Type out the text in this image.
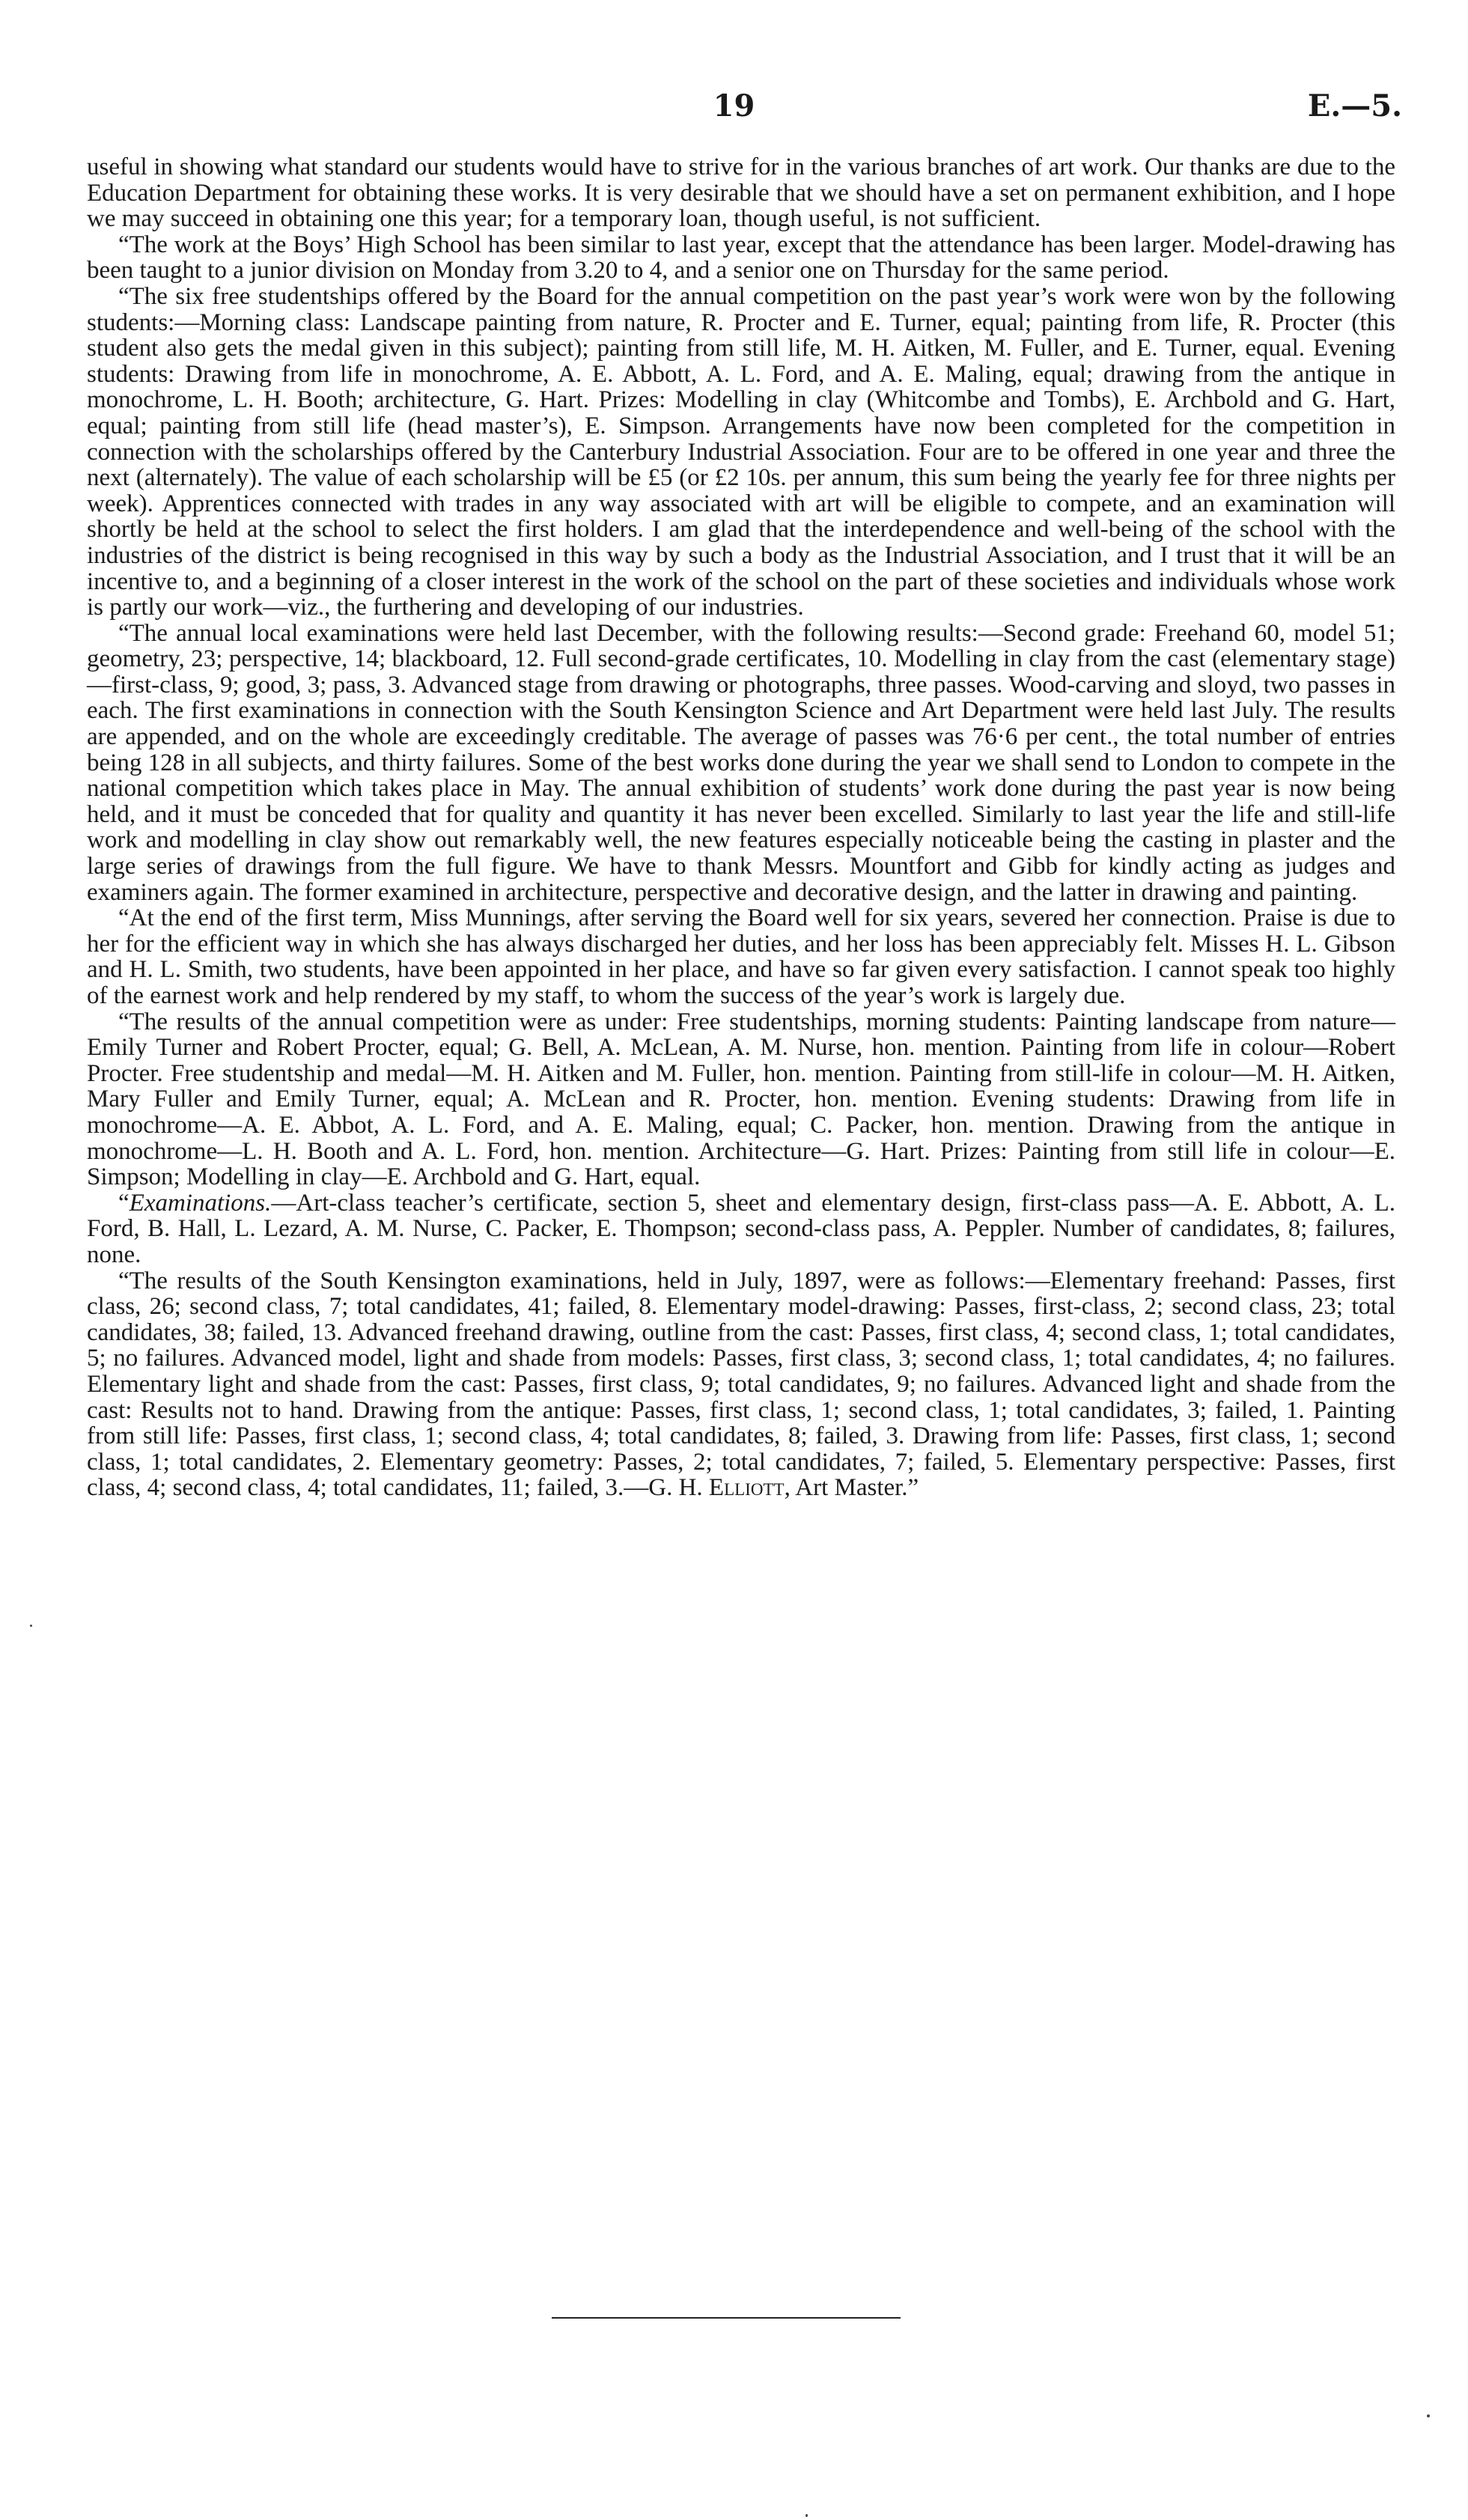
19	E.—5.

useful in showing what standard our students would have to strive for in the various branches of art work. Our thanks are due to the Education Department for obtaining these works. It is very desirable that we should have a set on permanent exhibition, and I hope we may succeed in obtaining one this year; for a temporary loan, though useful, is not sufficient.

“The work at the Boys’ High School has been similar to last year, except that the attendance has been larger. Model-drawing has been taught to a junior division on Monday from 3.20 to 4, and a senior one on Thursday for the same period.

“The six free studentships offered by the Board for the annual competition on the past year’s work were won by the following students:—Morning class: Landscape painting from nature, R. Procter and E. Turner, equal; painting from life, R. Procter (this student also gets the medal given in this subject); painting from still life, M. H. Aitken, M. Fuller, and E. Turner, equal. Evening students: Drawing from life in monochrome, A. E. Abbott, A. L. Ford, and A. E. Maling, equal; drawing from the antique in monochrome, L. H. Booth; architecture, G. Hart. Prizes: Modelling in clay (Whitcombe and Tombs), E. Archbold and G. Hart, equal; painting from still life (head master’s), E. Simpson. Arrangements have now been completed for the competition in connection with the scholarships offered by the Canterbury Industrial Association. Four are to be offered in one year and three the next (alternately). The value of each scholarship will be £5 (or £2 10s. per annum, this sum being the yearly fee for three nights per week). Apprentices connected with trades in any way associated with art will be eligible to compete, and an examination will shortly be held at the school to select the first holders. I am glad that the interdependence and well-being of the school with the industries of the district is being recognised in this way by such a body as the Industrial Association, and I trust that it will be an incentive to, and a beginning of a closer interest in the work of the school on the part of these societies and individuals whose work is partly our work—viz., the furthering and developing of our industries.

“The annual local examinations were held last December, with the following results:—Second grade: Freehand 60, model 51; geometry, 23; perspective, 14; blackboard, 12. Full second-grade certificates, 10. Modelling in clay from the cast (elementary stage)—first-class, 9; good, 3; pass, 3. Advanced stage from drawing or photographs, three passes. Wood-carving and sloyd, two passes in each. The first examinations in connection with the South Kensington Science and Art Department were held last July. The results are appended, and on the whole are exceedingly creditable. The average of passes was 76·6 per cent., the total number of entries being 128 in all subjects, and thirty failures. Some of the best works done during the year we shall send to London to compete in the national competition which takes place in May. The annual exhibition of students’ work done during the past year is now being held, and it must be conceded that for quality and quantity it has never been excelled. Similarly to last year the life and still-life work and modelling in clay show out remarkably well, the new features especially noticeable being the casting in plaster and the large series of drawings from the full figure. We have to thank Messrs. Mountfort and Gibb for kindly acting as judges and examiners again. The former examined in architecture, perspective and decorative design, and the latter in drawing and painting.

“At the end of the first term, Miss Munnings, after serving the Board well for six years, severed her connection. Praise is due to her for the efficient way in which she has always discharged her duties, and her loss has been appreciably felt. Misses H. L. Gibson and H. L. Smith, two students, have been appointed in her place, and have so far given every satisfaction. I cannot speak too highly of the earnest work and help rendered by my staff, to whom the success of the year’s work is largely due.

“The results of the annual competition were as under: Free studentships, morning students: Painting landscape from nature—Emily Turner and Robert Procter, equal; G. Bell, A. McLean, A. M. Nurse, hon. mention. Painting from life in colour—Robert Procter. Free studentship and medal—M. H. Aitken and M. Fuller, hon. mention. Painting from still-life in colour—M. H. Aitken, Mary Fuller and Emily Turner, equal; A. McLean and R. Procter, hon. mention. Evening students: Drawing from life in monochrome—A. E. Abbot, A. L. Ford, and A. E. Maling, equal; C. Packer, hon. mention. Drawing from the antique in monochrome—L. H. Booth and A. L. Ford, hon. mention. Architecture—G. Hart. Prizes: Painting from still life in colour—E. Simpson; Modelling in clay—E. Archbold and G. Hart, equal.

“Examinations.—Art-class teacher’s certificate, section 5, sheet and elementary design, first-class pass—A. E. Abbott, A. L. Ford, B. Hall, L. Lezard, A. M. Nurse, C. Packer, E. Thompson; second-class pass, A. Peppler. Number of candidates, 8; failures, none.

“The results of the South Kensington examinations, held in July, 1897, were as follows:—Elementary freehand: Passes, first class, 26; second class, 7; total candidates, 41; failed, 8. Elementary model-drawing: Passes, first-class, 2; second class, 23; total candidates, 38; failed, 13. Advanced freehand drawing, outline from the cast: Passes, first class, 4; second class, 1; total candidates, 5; no failures. Advanced model, light and shade from models: Passes, first class, 3; second class, 1; total candidates, 4; no failures. Elementary light and shade from the cast: Passes, first class, 9; total candidates, 9; no failures. Advanced light and shade from the cast: Results not to hand. Drawing from the antique: Passes, first class, 1; second class, 1; total candidates, 3; failed, 1. Painting from still life: Passes, first class, 1; second class, 4; total candidates, 8; failed, 3. Drawing from life: Passes, first class, 1; second class, 1; total candidates, 2. Elementary geometry: Passes, 2; total candidates, 7; failed, 5. Elementary perspective: Passes, first class, 4; second class, 4; total candidates, 11; failed, 3.—G. H. Elliott, Art Master.”
